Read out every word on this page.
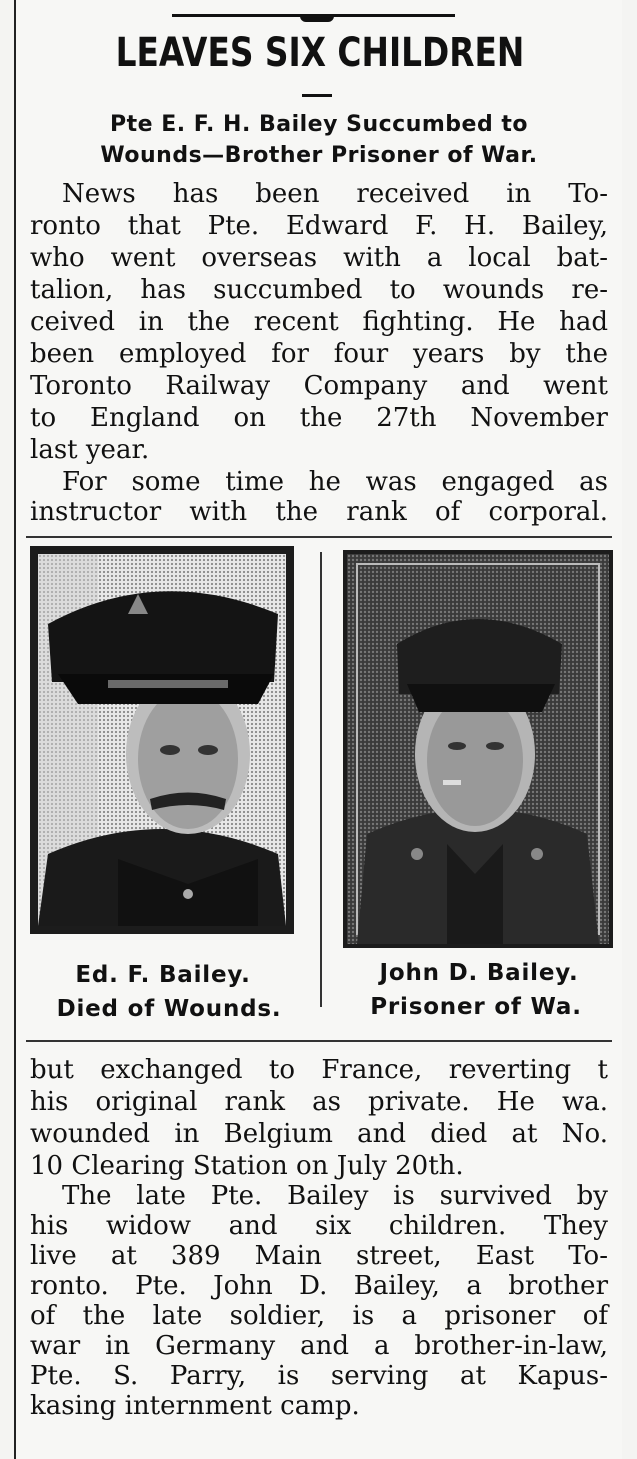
LEAVES SIX CHILDREN
Pte E. F. H. Bailey Succumbed to
Wounds—Brother Prisoner of War.
News has been received in To-
ronto that Pte. Edward F. H. Bailey,
who went overseas with a local bat-
talion, has succumbed to wounds re-
ceived in the recent fighting. He had
been employed for four years by the
Toronto Railway Company and went
to England on the 27th November
last year.
For some time he was engaged as
instructor with the rank of corporal.
Ed. F. Bailey.
Died of Wounds.
John D. Bailey.
Prisoner of Wa.
but exchanged to France, reverting t
his original rank as private. He wa.
wounded in Belgium and died at No.
10 Clearing Station on July 20th.
The late Pte. Bailey is survived by
his widow and six children. They
live at 389 Main street, East To-
ronto. Pte. John D. Bailey, a brother
of the late soldier, is a prisoner of
war in Germany and a brother-in-law,
Pte. S. Parry, is serving at Kapus-
kasing internment camp.
